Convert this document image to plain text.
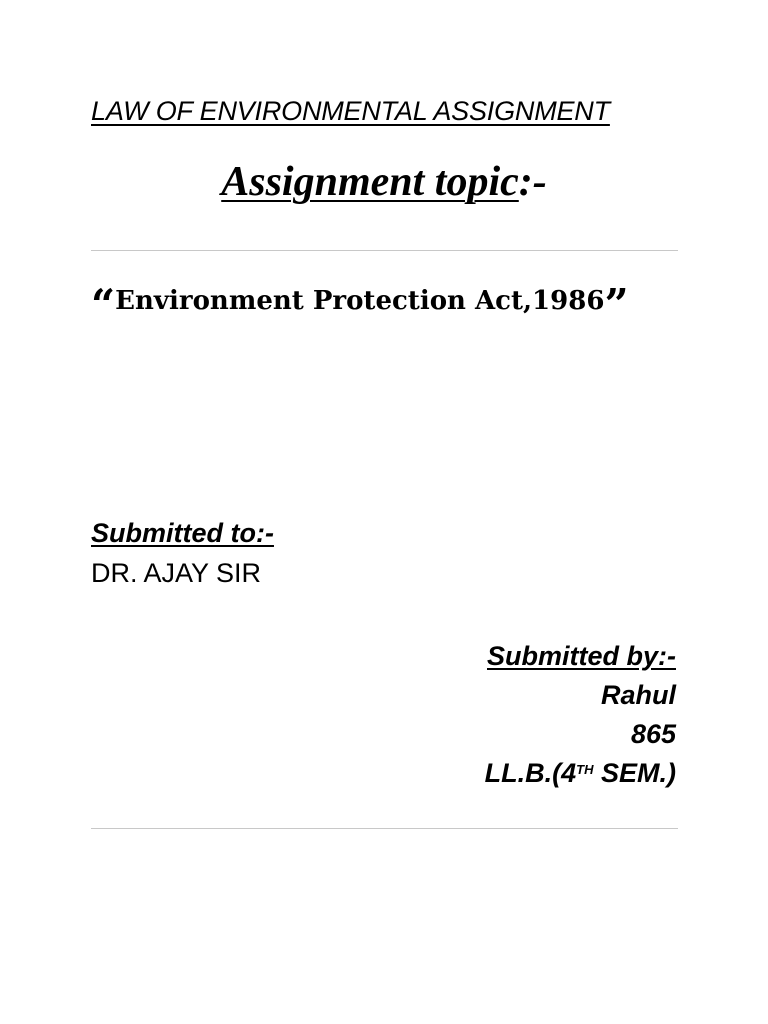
LAW OF ENVIRONMENTAL ASSIGNMENT
Assignment topic:-
“Environment Protection Act,1986”
Submitted to:-
DR. AJAY SIR
Submitted by:-
Rahul
865
LL.B.(4TH SEM.)
